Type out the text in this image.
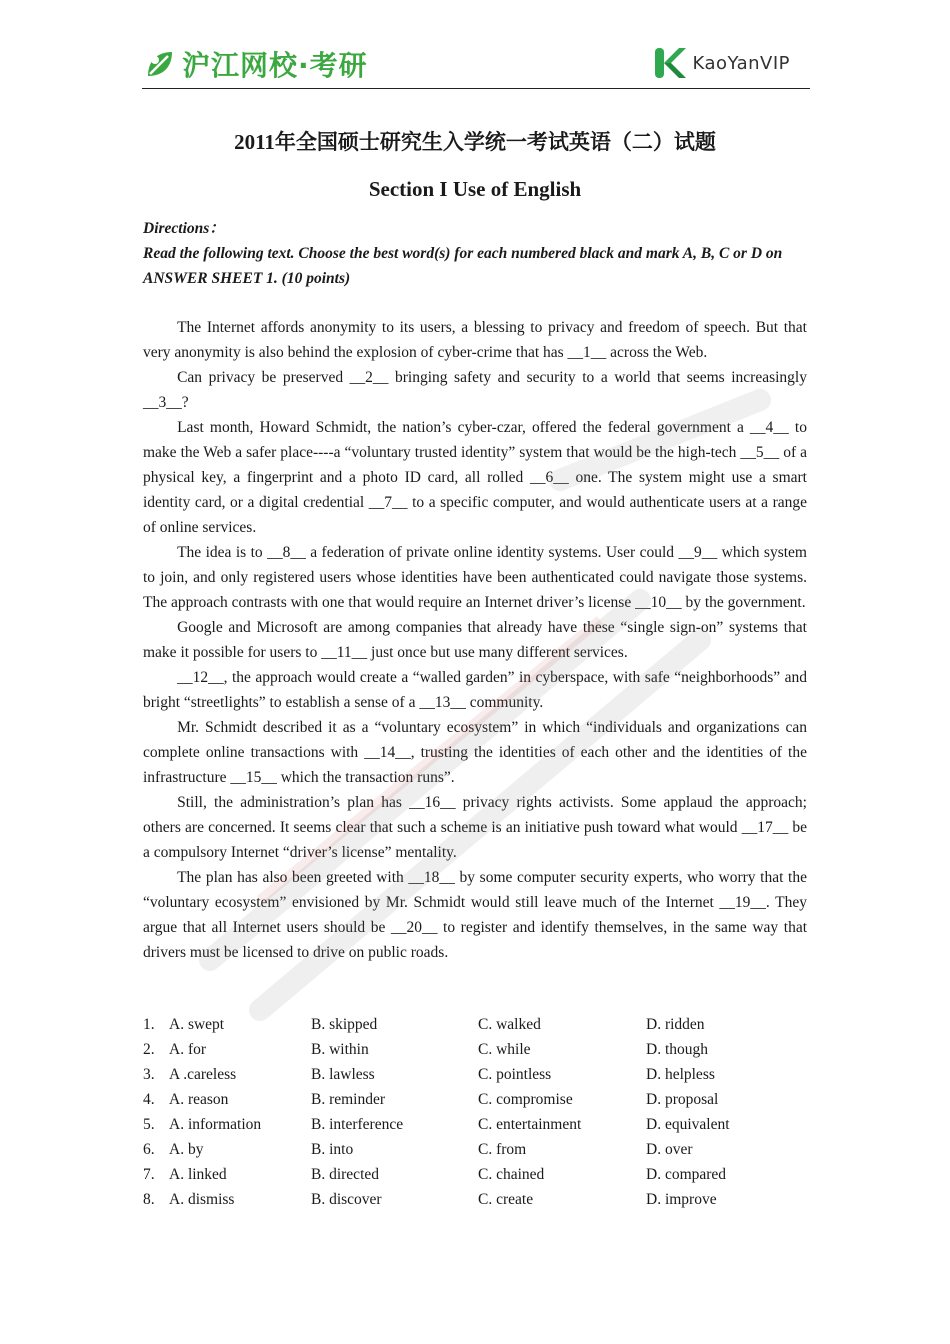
沪江网校·考研	KaoYanVIP
2011年全国硕士研究生入学统一考试英语（二）试题
Section I Use of English
Directions：
Read the following text. Choose the best word(s) for each numbered black and mark A, B, C or D on ANSWER SHEET 1. (10 points)

The Internet affords anonymity to its users, a blessing to privacy and freedom of speech. But that very anonymity is also behind the explosion of cyber-crime that has __1__ across the Web.

Can privacy be preserved __2__ bringing safety and security to a world that seems increasingly __3__?

Last month, Howard Schmidt, the nation’s cyber-czar, offered the federal government a __4__ to make the Web a safer place----a “voluntary trusted identity” system that would be the high-tech __5__ of a physical key, a fingerprint and a photo ID card, all rolled __6__ one. The system might use a smart identity card, or a digital credential __7__ to a specific computer, and would authenticate users at a range of online services.

The idea is to __8__ a federation of private online identity systems. User could __9__ which system to join, and only registered users whose identities have been authenticated could navigate those systems. The approach contrasts with one that would require an Internet driver’s license __10__ by the government.

Google and Microsoft are among companies that already have these “single sign-on” systems that make it possible for users to __11__ just once but use many different services.

__12__, the approach would create a “walled garden” in cyberspace, with safe “neighborhoods” and bright “streetlights” to establish a sense of a __13__ community.

Mr. Schmidt described it as a “voluntary ecosystem” in which “individuals and organizations can complete online transactions with __14__, trusting the identities of each other and the identities of the infrastructure __15__ which the transaction runs”.

Still, the administration’s plan has __16__ privacy rights activists. Some applaud the approach; others are concerned. It seems clear that such a scheme is an initiative push toward what would __17__ be a compulsory Internet “driver’s license” mentality.

The plan has also been greeted with __18__ by some computer security experts, who worry that the “voluntary ecosystem” envisioned by Mr. Schmidt would still leave much of the Internet __19__. They argue that all Internet users should be __20__ to register and identify themselves, in the same way that drivers must be licensed to drive on public roads.

1. A. swept	B. skipped	C. walked	D. ridden
2. A. for	B. within	C. while	D. though
3. A .careless	B. lawless	C. pointless	D. helpless
4. A. reason	B. reminder	C. compromise	D. proposal
5. A. information	B. interference	C. entertainment	D. equivalent
6. A. by	B. into	C. from	D. over
7. A. linked	B. directed	C. chained	D. compared
8. A. dismiss	B. discover	C. create	D. improve
